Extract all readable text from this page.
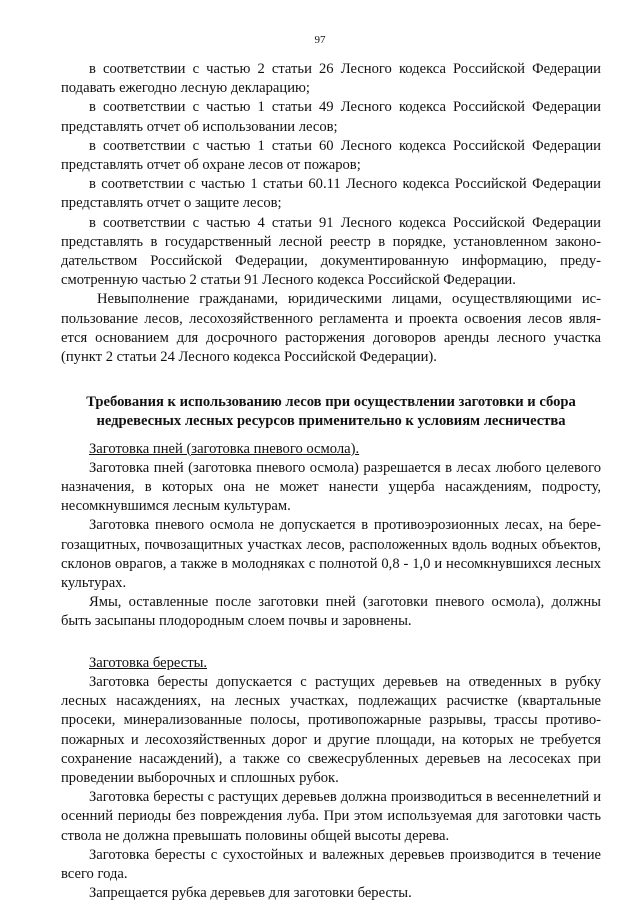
97

в соответствии с частью 2 статьи 26 Лесного кодекса Российской Федерации подавать ежегодно лесную декларацию;

в соответствии с частью 1 статьи 49 Лесного кодекса Российской Федерации представлять отчет об использовании лесов;

в соответствии с частью 1 статьи 60 Лесного кодекса Российской Федерации представлять отчет об охране лесов от пожаров;

в соответствии с частью 1 статьи 60.11 Лесного кодекса Российской Федерации представлять отчет о защите лесов;

в соответствии с частью 4 статьи 91 Лесного кодекса Российской Федерации представлять в государственный лесной реестр в порядке, установленном законодательством Российской Федерации, документированную информацию, предусмотренную частью 2 статьи 91 Лесного кодекса Российской Федерации.

Невыполнение гражданами, юридическими лицами, осуществляющими использование лесов, лесохозяйственного регламента и проекта освоения лесов является основанием для досрочного расторжения договоров аренды лесного участка (пункт 2 статьи 24 Лесного кодекса Российской Федерации).

Требования к использованию лесов при осуществлении заготовки и сбора недревесных лесных ресурсов применительно к условиям лесничества

Заготовка пней (заготовка пневого осмола).

Заготовка пней (заготовка пневого осмола) разрешается в лесах любого целевого назначения, в которых она не может нанести ущерба насаждениям, подросту, несомкнувшимся лесным культурам.

Заготовка пневого осмола не допускается в противоэрозионных лесах, на берегозащитных, почвозащитных участках лесов, расположенных вдоль водных объектов, склонов оврагов, а также в молодняках с полнотой 0,8 - 1,0 и несомкнувшихся лесных культурах.

Ямы, оставленные после заготовки пней (заготовки пневого осмола), должны быть засыпаны плодородным слоем почвы и заровнены.

Заготовка бересты.

Заготовка бересты допускается с растущих деревьев на отведенных в рубку лесных насаждениях, на лесных участках, подлежащих расчистке (квартальные просеки, минерализованные полосы, противопожарные разрывы, трассы противопожарных и лесохозяйственных дорог и другие площади, на которых не требуется сохранение насаждений), а также со свежесрубленных деревьев на лесосеках при проведении выборочных и сплошных рубок.

Заготовка бересты с растущих деревьев должна производиться в весеннелетний и осенний периоды без повреждения луба. При этом используемая для заготовки часть ствола не должна превышать половины общей высоты дерева.

Заготовка бересты с сухостойных и валежных деревьев производится в течение всего года.

Запрещается рубка деревьев для заготовки бересты.
